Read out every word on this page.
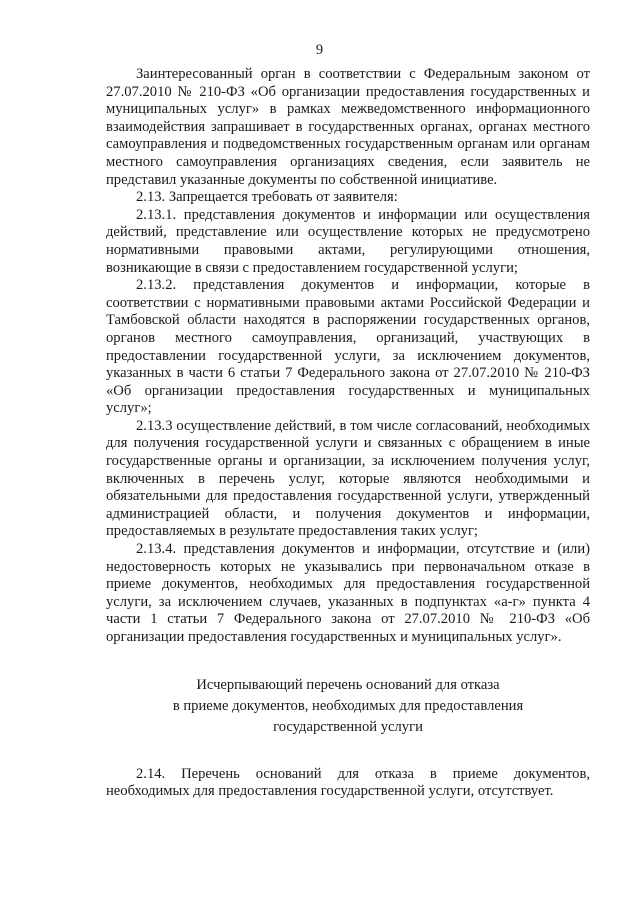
9

Заинтересованный орган в соответствии с Федеральным законом от 27.07.2010 № 210-ФЗ «Об организации предоставления государственных и муниципальных услуг» в рамках межведомственного информационного взаимодействия запрашивает в государственных органах, органах местного самоуправления и подведомственных государственным органам или органам местного самоуправления организациях сведения, если заявитель не представил указанные документы по собственной инициативе.

2.13. Запрещается требовать от заявителя:

2.13.1. представления документов и информации или осуществления действий, представление или осуществление которых не предусмотрено нормативными правовыми актами, регулирующими отношения, возникающие в связи с предоставлением государственной услуги;

2.13.2. представления документов и информации, которые в соответствии с нормативными правовыми актами Российской Федерации и Тамбовской области находятся в распоряжении государственных органов, органов местного самоуправления, организаций, участвующих в предоставлении государственной услуги, за исключением документов, указанных в части 6 статьи 7 Федерального закона от 27.07.2010 № 210-ФЗ «Об организации предоставления государственных и муниципальных услуг»;

2.13.3 осуществление действий, в том числе согласований, необходимых для получения государственной услуги и связанных с обращением в иные государственные органы и организации, за исключением получения услуг, включенных в перечень услуг, которые являются необходимыми и обязательными для предоставления государственной услуги, утвержденный администрацией области, и получения документов и информации, предоставляемых в результате предоставления таких услуг;

2.13.4. представления документов и информации, отсутствие и (или) недостоверность которых не указывались при первоначальном отказе в приеме документов, необходимых для предоставления государственной услуги, за исключением случаев, указанных в подпунктах «а-г» пункта 4 части 1 статьи 7 Федерального закона от 27.07.2010 № 210-ФЗ «Об организации предоставления государственных и муниципальных услуг».

Исчерпывающий перечень оснований для отказа
в приеме документов, необходимых для предоставления
государственной услуги

2.14. Перечень оснований для отказа в приеме документов, необходимых для предоставления государственной услуги, отсутствует.
